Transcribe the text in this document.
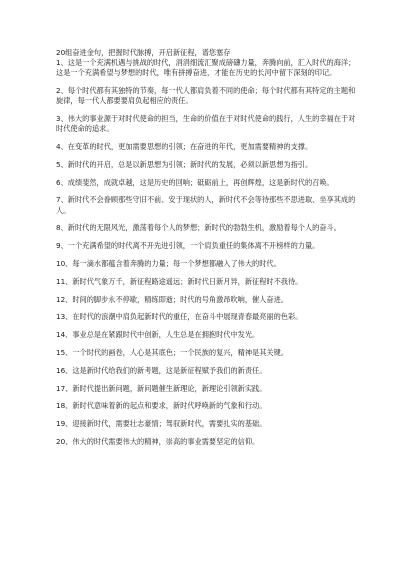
20组奋进金句，把握时代脉搏，开启新征程，谱您塞存

1、这是一个充满机遇与挑战的时代，涓涓细流汇聚成磅礴力量，奔腾向前，汇入时代的海洋；这是一个充满希望与梦想的时代，唯有拼搏奋进，才能在历史的长河中留下深刻的印记。

2、每个时代都有其独特的节奏，每一代人都肩负着不同的使命；每个时代都有其特定的主题和旋律，每一代人都要要肩负起相应的责任。

3、伟大的事业源于对时代使命的担当，生命的价值在于对时代使命的践行，人生的幸福在于对时代使命的追求。

4、在变革的时代，更加需要思想的引领；在奋进的年代，更加需要精神的支撑。

5、新时代的开启，总是以新思想为引领；新时代的发展，必须以新思想为指引。

6、成绩斐然，成就卓越，这是历史的回响；砥砺前上，再创辉煌，这是新时代的召唤。

7、新时代不会眷顾那些守旧不前、安于现状的人，新时代不会等待那些不思进取、坐享其成的人。

8、新时代的无限风光，激荡着每个人的梦想；新时代的勃勃生机，激励着每个人的奋斗。

9、一个充满希望的时代离不开先进引领，一个肩负重任的集体离不开榜样的力量。

10、每一滴水都蕴含着奔腾的力量；每一个梦想都融入了伟大的时代。

11、新时代气象万千，新征程路途遥远；新时代日新月异，新征程时不我待。

12、时间的脚步永不停歇，精练即逝；时代的号角激昂吹响，催人奋进。

13、在时代的浪潮中肩负起新时代的重任，在奋斗中展现青春最亮丽的色彩。

14、事业总是在紧跟时代中创新，人生总是在拥抱时代中发光。

15、一个时代的画卷，人心是其底色；一个民族的复兴，精神是其关键。

16、这是新时代给我们的新考题，这是新征程赋予我们的新责任。

17、新时代提出新问题，新问题催生新理论，新理论引领新实践。

18、新时代意味着新的起点和要求，新时代呼唤新的气象和行动。

19、迎接新时代，需要壮志豪情；驾驭新时代，需要扎实的基础。

20、伟大的时代需要伟大的精神，崇高的事业需要坚定的信仰。
